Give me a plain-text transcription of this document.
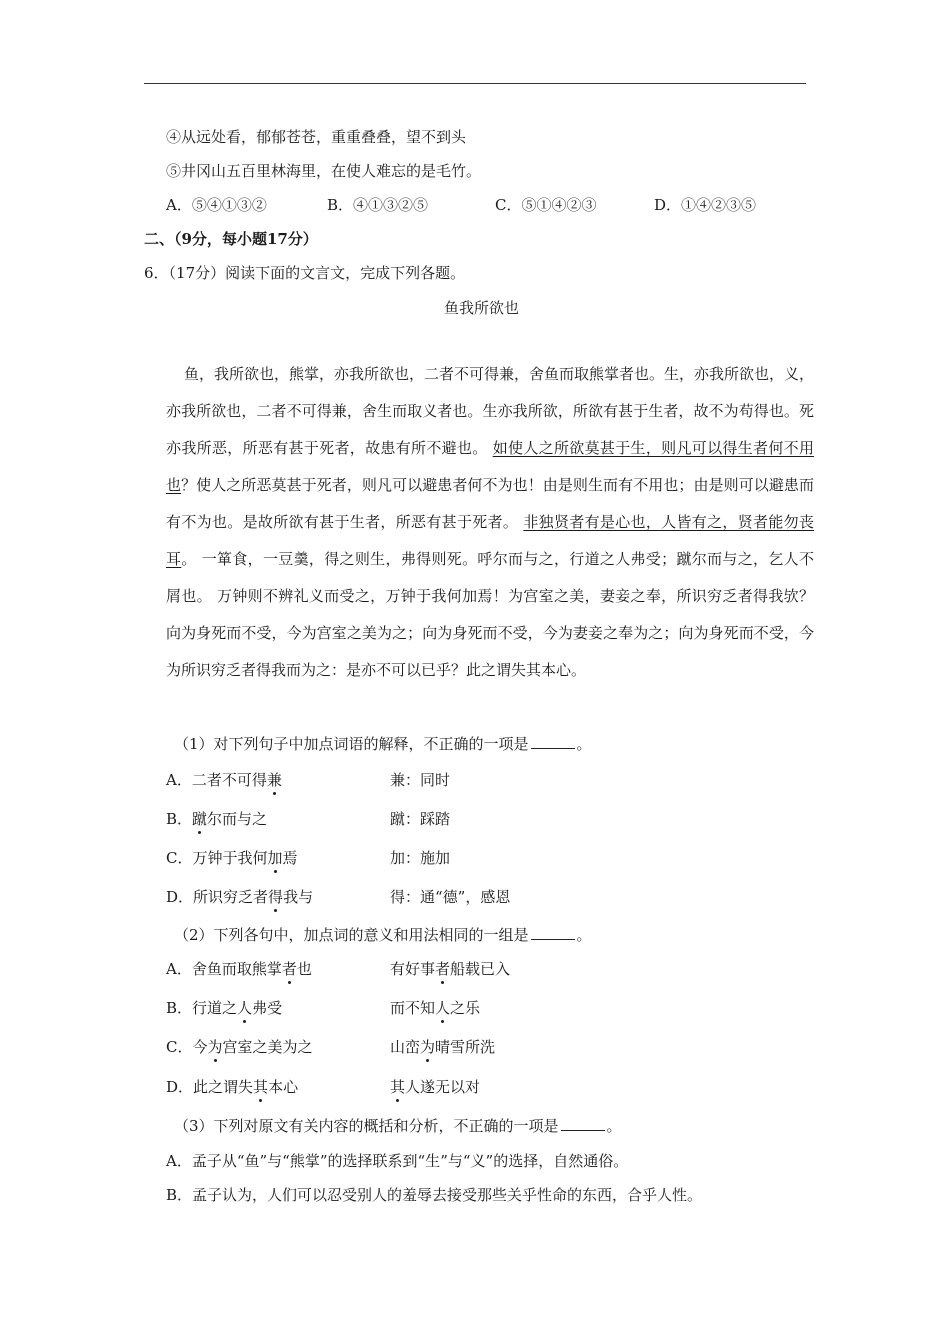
④从远处看，郁郁苍苍，重重叠叠，望不到头
⑤井冈山五百里林海里，在使人难忘的是毛竹。
A．⑤④①③②	B．④①③②⑤	C．⑤①④②③	D．①④②③⑤
二、（9分，每小题17分）
6．（17分）阅读下面的文言文，完成下列各题。
鱼我所欲也
鱼，我所欲也，熊掌，亦我所欲也，二者不可得兼，舍鱼而取熊掌者也。生，亦我所欲也，义，亦我所欲也，二者不可得兼，舍生而取义者也。生亦我所欲，所欲有甚于生者，故不为苟得也。死亦我所恶，所恶有甚于死者，故患有所不避也。 如使人之所欲莫甚于生，则凡可以得生者何不用也？使人之所恶莫甚于死者，则凡可以避患者何不为也！由是则生而有不用也；由是则可以避患而有不为也。是故所欲有甚于生者，所恶有甚于死者。 非独贤者有是心也，人皆有之，贤者能勿丧耳。 一箪食，一豆羹，得之则生，弗得则死。呼尔而与之，行道之人弗受；蹴尔而与之，乞人不屑也。 万钟则不辨礼义而受之，万钟于我何加焉！为宫室之美，妻妾之奉，所识穷乏者得我欤？向为身死而不受，今为宫室之美为之；向为身死而不受，今为妻妾之奉为之；向为身死而不受，今为所识穷乏者得我而为之：是亦不可以已乎？此之谓失其本心。
（1）对下列句子中加点词语的解释，不正确的一项是	。
A．二者不可得兼	兼：同时
B．蹴尔而与之	蹴：踩踏
C．万钟于我何加焉	加：施加
D．所识穷乏者得我与	得：通“德”，感恩
（2）下列各句中，加点词的意义和用法相同的一组是	。
A．舍鱼而取熊掌者也	有好事者船载已入
B．行道之人弗受	而不知人之乐
C．今为宫室之美为之	山峦为晴雪所洗
D．此之谓失其本心	其人遂无以对
（3）下列对原文有关内容的概括和分析，不正确的一项是	。
A．孟子从“鱼”与“熊掌”的选择联系到“生”与“义”的选择，自然通俗。
B．孟子认为，人们可以忍受别人的羞辱去接受那些关乎性命的东西，合乎人性。
